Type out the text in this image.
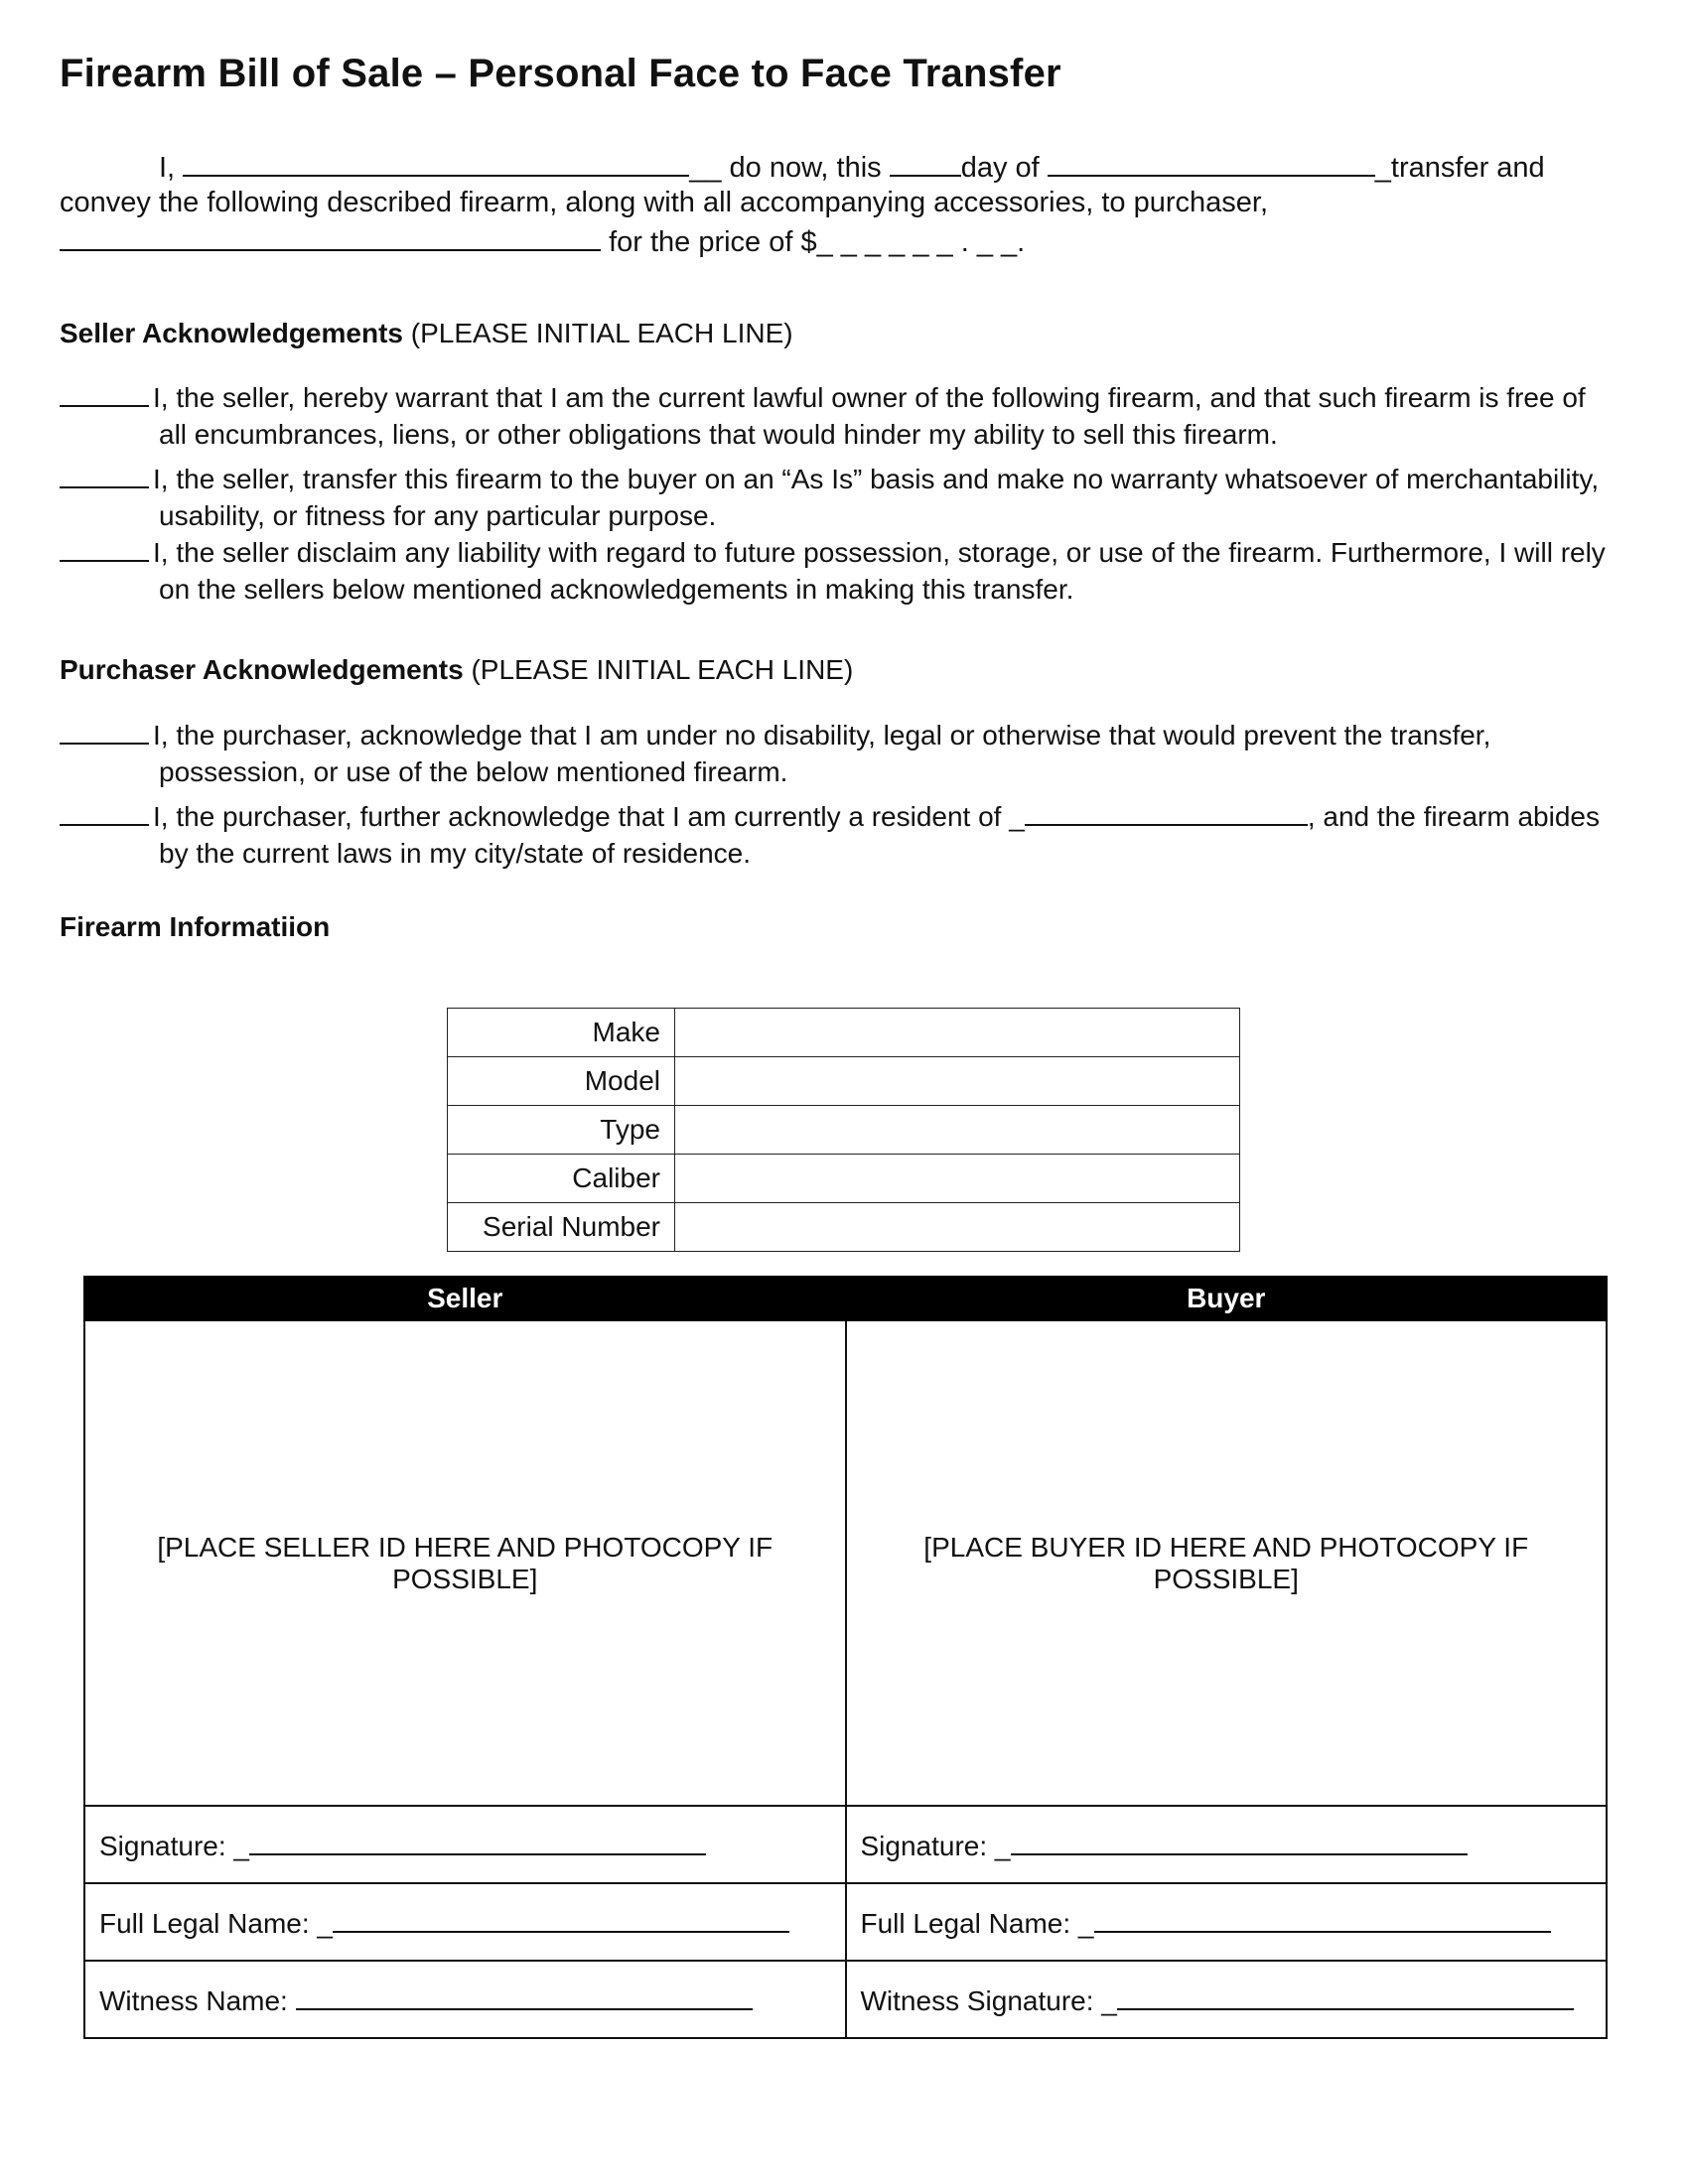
Firearm Bill of Sale – Personal Face to Face Transfer
I,	__ do now, this	day of	_transfer and
convey the following described firearm, along with all accompanying accessories, to purchaser,
for the price of $_ _ _ _ _ _ . _ _.
Seller Acknowledgements (PLEASE INITIAL EACH LINE)
I, the seller, hereby warrant that I am the current lawful owner of the following firearm, and that such firearm is free of
all encumbrances, liens, or other obligations that would hinder my ability to sell this firearm.
I, the seller, transfer this firearm to the buyer on an “As Is” basis and make no warranty whatsoever of merchantability,
usability, or fitness for any particular purpose.
I, the seller disclaim any liability with regard to future possession, storage, or use of the firearm. Furthermore, I will rely
on the sellers below mentioned acknowledgements in making this transfer.
Purchaser Acknowledgements (PLEASE INITIAL EACH LINE)
I, the purchaser, acknowledge that I am under no disability, legal or otherwise that would prevent the transfer,
possession, or use of the below mentioned firearm.
I, the purchaser, further acknowledge that I am currently a resident of _	, and the firearm abides
by the current laws in my city/state of residence.
Firearm Informatiion
Make	
Model	
Type	
Caliber	
Serial Number	
Seller	Buyer
[PLACE SELLER ID HERE AND PHOTOCOPY IF POSSIBLE]	[PLACE BUYER ID HERE AND PHOTOCOPY IF POSSIBLE]
Signature: _	Signature: _
Full Legal Name: _	Full Legal Name: _
Witness Name:	Witness Signature: _
